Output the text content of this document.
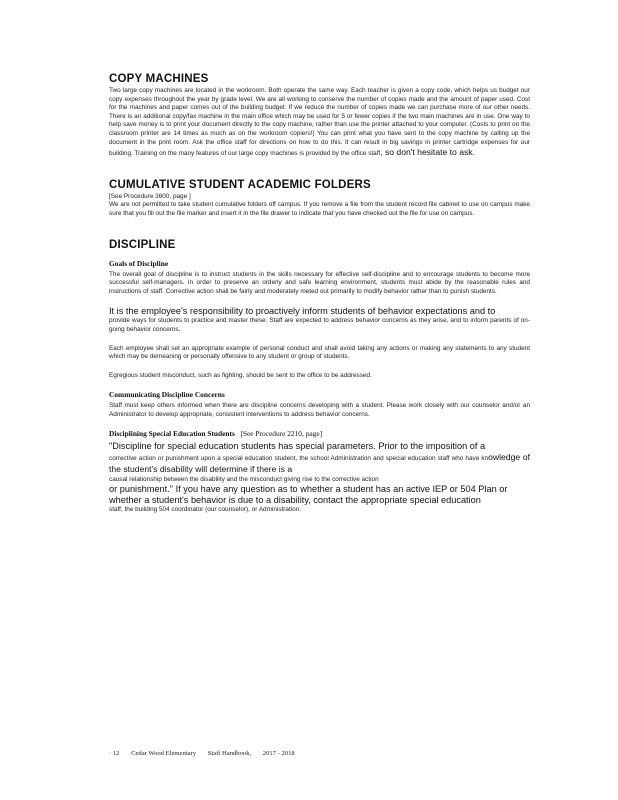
COPY MACHINES

Two large copy machines are located in the workroom. Both operate the same way. Each teacher is given a copy code, which helps us budget our copy expenses throughout the year by grade level. We are all working to conserve the number of copies made and the amount of paper used. Cost for the machines and paper comes out of the building budget. If we reduce the number of copies made we can purchase more of our other needs. There is an additional copy/fax machine in the main office which may be used for 5 or fewer copies if the two main machines are in use. One way to help save money is to print your document directly to the copy machine, rather than use the printer attached to your computer. (Costs to print on the classroom printer are 14 times as much as on the workroom copiers!) You can print what you have sent to the copy machine by calling up the document in the print room. Ask the office staff for directions on how to do this. It can result in big savings in printer cartridge expenses for our building. Training on the many features of our large copy machines is provided by the office staff, so don't hesitate to ask.

CUMULATIVE STUDENT ACADEMIC FOLDERS

[See Procedure 3600, page ]

We are not permitted to take student cumulative folders off campus. If you remove a file from the student record file cabinet to use on campus make sure that you fill out the file marker and insert it in the file drawer to indicate that you have checked out the file for use on campus.

DISCIPLINE
Goals of Discipline

The overall goal of discipline is to instruct students in the skills necessary for effective self-discipline and to encourage students to become more successful self-managers. In order to preserve an orderly and safe learning environment, students must abide by the reasonable rules and instructions of staff. Corrective action shall be fairly and moderately meted out primarily to modify behavior rather than to punish students.

It is the employee's responsibility to proactively inform students of behavior expectations and to

provide ways for students to practice and master these. Staff are expected to address behavior concerns as they arise, and to inform parents of on-going behavior concerns.

Each employee shall set an appropriate example of personal conduct and shall avoid taking any actions or making any statements to any student which may be demeaning or personally offensive to any student or group of students.

Egregious student misconduct, such as fighting, should be sent to the office to be addressed.

Communicating Discipline Concerns

Staff must keep others informed when there are discipline concerns developing with a student. Please work closely with our counselor and/or an Administrator to develop appropriate, consistent interventions to address behavior concerns.

Disciplining Special Education Students [See Procedure 2210, page]

"Discipline for special education students has special parameters. Prior to the imposition of a

corrective action or punishment upon a special education student, the school Administration and special education staff who have knowledge of the student's disability will determine if there is a

causal relationship between the disability and the misconduct giving rise to the corrective action

or punishment." If you have any question as to whether a student has an active IEP or 504 Plan or whether a student's behavior is due to a disability, contact the appropriate special education

staff, the building 504 coordinator (our counselor), or Administration.

· 12 Cedar Wood Elementary Staff Handbook, 2017 - 2018
